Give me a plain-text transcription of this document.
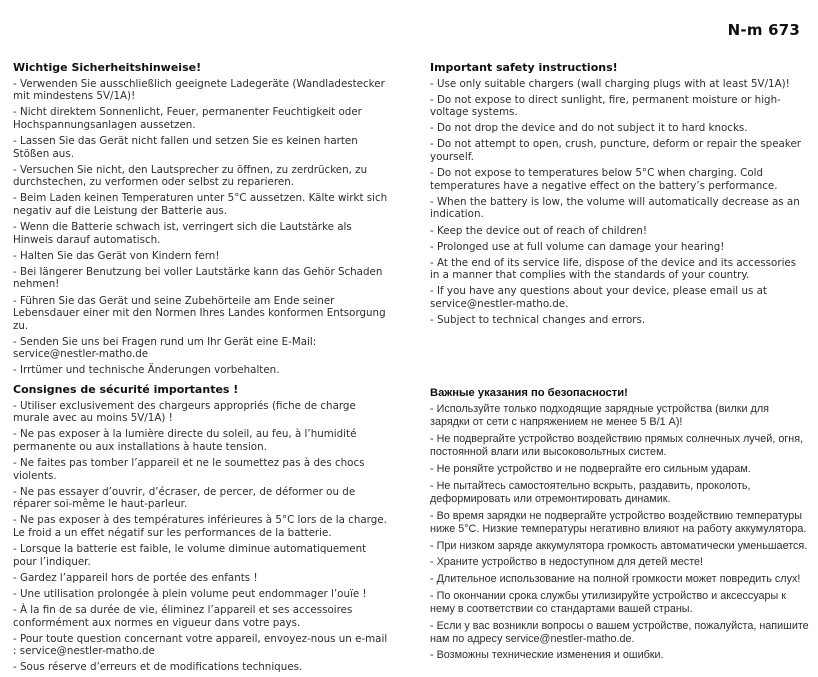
N-m 673

Wichtige Sicherheitshinweise!

- Verwenden Sie ausschließlich geeignete Ladegeräte (Wandladestecker mit mindestens 5V/1A)!

- Nicht direktem Sonnenlicht, Feuer, permanenter Feuchtigkeit oder Hochspannungsanlagen aussetzen.

- Lassen Sie das Gerät nicht fallen und setzen Sie es keinen harten Stößen aus.

- Versuchen Sie nicht, den Lautsprecher zu öffnen, zu zerdrücken, zu durchstechen, zu verformen oder selbst zu reparieren.

- Beim Laden keinen Temperaturen unter 5°C aussetzen. Kälte wirkt sich negativ auf die Leistung der Batterie aus.

- Wenn die Batterie schwach ist, verringert sich die Lautstärke als Hinweis darauf automatisch.

- Halten Sie das Gerät von Kindern fern!

- Bei längerer Benutzung bei voller Lautstärke kann das Gehör Schaden nehmen!

- Führen Sie das Gerät und seine Zubehörteile am Ende seiner Lebensdauer einer mit den Normen Ihres Landes konformen Entsorgung zu.

- Senden Sie uns bei Fragen rund um Ihr Gerät eine E-Mail: service@nestler-matho.de

- Irrtümer und technische Änderungen vorbehalten.

Important safety instructions!

- Use only suitable chargers (wall charging plugs with at least 5V/1A)!

- Do not expose to direct sunlight, fire, permanent moisture or high-voltage systems.

- Do not drop the device and do not subject it to hard knocks.

- Do not attempt to open, crush, puncture, deform or repair the speaker yourself.

- Do not expose to temperatures below 5°C when charging. Cold temperatures have a negative effect on the battery’s performance.

- When the battery is low, the volume will automatically decrease as an indication.

- Keep the device out of reach of children!

- Prolonged use at full volume can damage your hearing!

- At the end of its service life, dispose of the device and its accessories in a manner that complies with the standards of your country.

- If you have any questions about your device, please email us at service@nestler-matho.de.

- Subject to technical changes and errors.

Consignes de sécurité importantes !

- Utiliser exclusivement des chargeurs appropriés (fiche de charge murale avec au moins 5V/1A) !

- Ne pas exposer à la lumière directe du soleil, au feu, à l’humidité permanente ou aux installations à haute tension.

- Ne faites pas tomber l’appareil et ne le soumettez pas à des chocs violents.

- Ne pas essayer d’ouvrir, d’écraser, de percer, de déformer ou de réparer soi-même le haut-parleur.

- Ne pas exposer à des températures inférieures à 5°C lors de la charge. Le froid a un effet négatif sur les performances de la batterie.

- Lorsque la batterie est faible, le volume diminue automatiquement pour l’indiquer.

- Gardez l’appareil hors de portée des enfants !

- Une utilisation prolongée à plein volume peut endommager l’ouïe !

- À la fin de sa durée de vie, éliminez l’appareil et ses accessoires conformément aux normes en vigueur dans votre pays.

- Pour toute question concernant votre appareil, envoyez-nous un e-mail : service@nestler-matho.de

- Sous réserve d’erreurs et de modifications techniques.

Важные указания по безопасности!

- Используйте только подходящие зарядные устройства (вилки для зарядки от сети с напряжением не менее 5 В/1 А)!

- Не подвергайте устройство воздействию прямых солнечных лучей, огня, постоянной влаги или высоковольтных систем.

- Не роняйте устройство и не подвергайте его сильным ударам.

- Не пытайтесь самостоятельно вскрыть, раздавить, проколоть, деформировать или отремонтировать динамик.

- Во время зарядки не подвергайте устройство воздействию температуры ниже 5°C. Низкие температуры негативно влияют на работу аккумулятора.

- При низком заряде аккумулятора громкость автоматически уменьшается.

- Храните устройство в недоступном для детей месте!

- Длительное использование на полной громкости может повредить слух!

- По окончании срока службы утилизируйте устройство и аксессуары к нему в соответствии со стандартами вашей страны.

- Если у вас возникли вопросы о вашем устройстве, пожалуйста, напишите нам по адресу service@nestler-matho.de.

- Возможны технические изменения и ошибки.
